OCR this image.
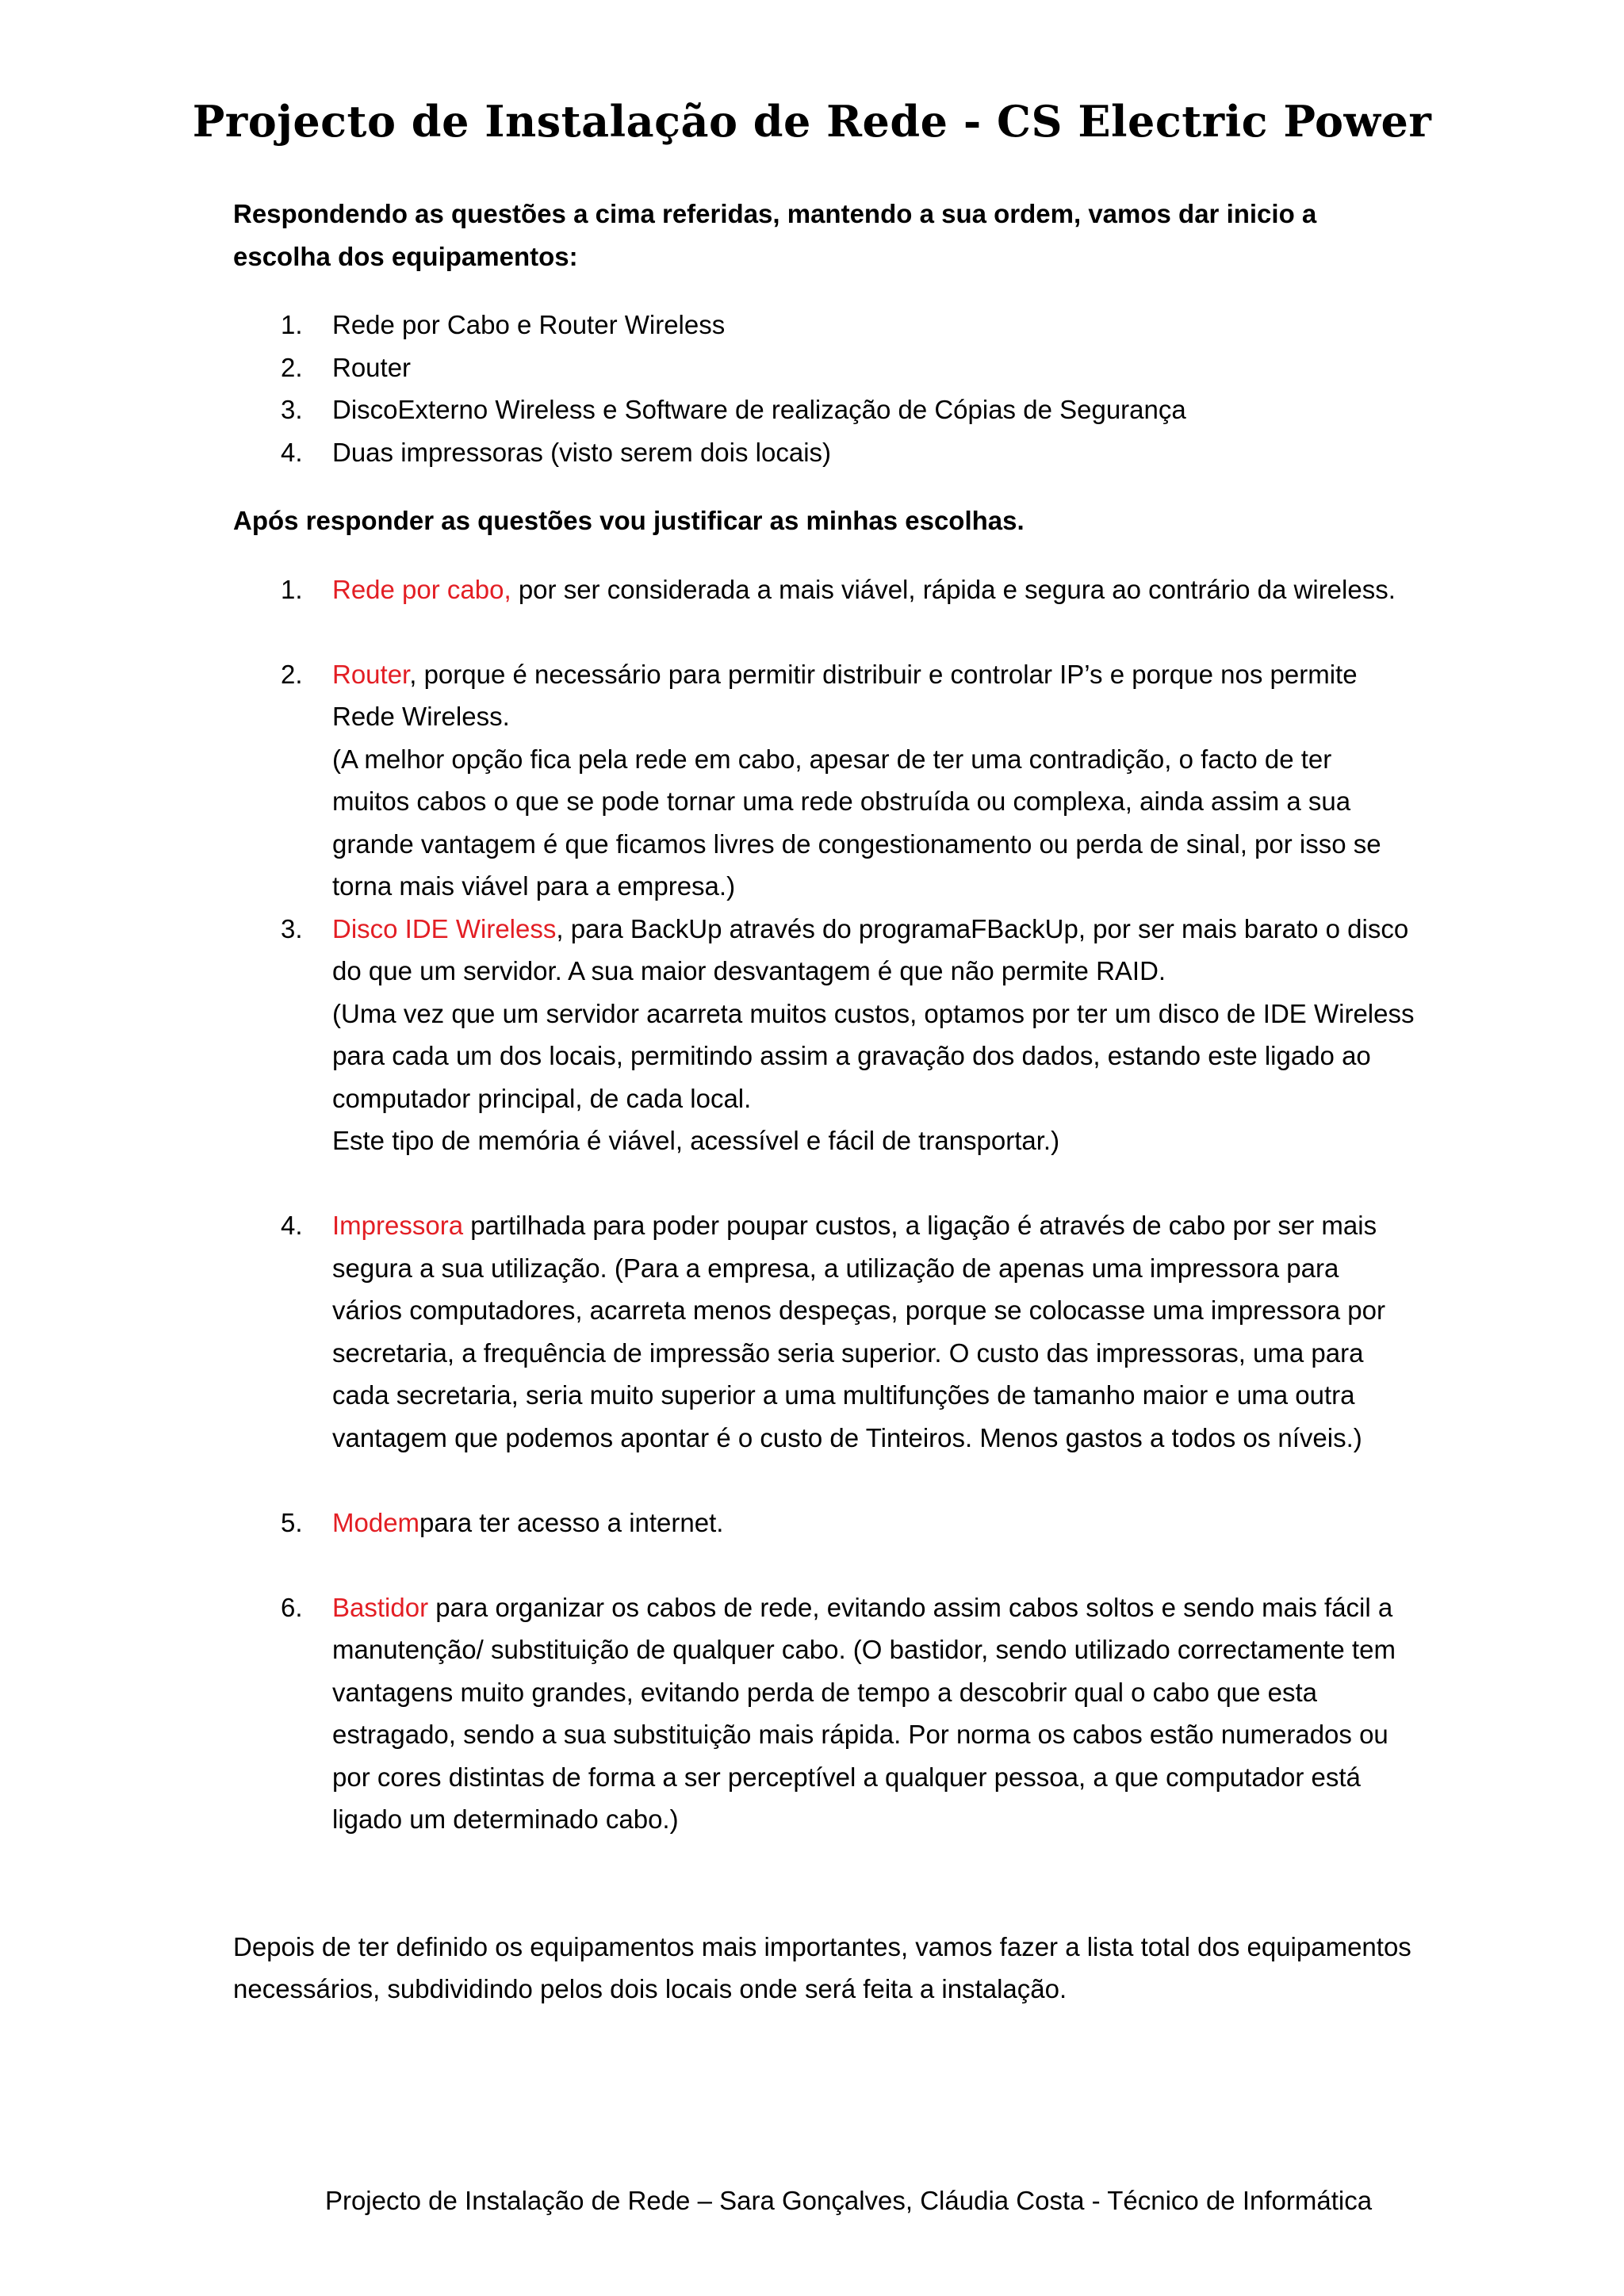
Projecto de Instalação de Rede - CS Electric Power

Respondendo as questões a cima referidas, mantendo a sua ordem, vamos dar inicio a escolha dos equipamentos:

1. Rede por Cabo e Router Wireless
2. Router
3. DiscoExterno Wireless e Software de realização de Cópias de Segurança
4. Duas impressoras (visto serem dois locais)

Após responder as questões vou justificar as minhas escolhas.

1. Rede por cabo, por ser considerada a mais viável, rápida e segura ao contrário da wireless.
2. Router, porque é necessário para permitir distribuir e controlar IP’s e porque nos permite Rede Wireless.
(A melhor opção fica pela rede em cabo, apesar de ter uma contradição, o facto de ter muitos cabos o que se pode tornar uma rede obstruída ou complexa, ainda assim a sua grande vantagem é que ficamos livres de congestionamento ou perda de sinal, por isso se torna mais viável para a empresa.)
3. Disco IDE Wireless, para BackUp através do programaFBackUp, por ser mais barato o disco do que um servidor. A sua maior desvantagem é que não permite RAID.
(Uma vez que um servidor acarreta muitos custos, optamos por ter um disco de IDE Wireless para cada um dos locais, permitindo assim a gravação dos dados, estando este ligado ao computador principal, de cada local.
Este tipo de memória é viável, acessível e fácil de transportar.)
4. Impressora partilhada para poder poupar custos, a ligação é através de cabo por ser mais segura a sua utilização. (Para a empresa, a utilização de apenas uma impressora para vários computadores, acarreta menos despeças, porque se colocasse uma impressora por secretaria, a frequência de impressão seria superior. O custo das impressoras, uma para cada secretaria, seria muito superior a uma multifunções de tamanho maior e uma outra vantagem que podemos apontar é o custo de Tinteiros. Menos gastos a todos os níveis.)
5. Modempara ter acesso a internet.
6. Bastidor para organizar os cabos de rede, evitando assim cabos soltos e sendo mais fácil a manutenção/ substituição de qualquer cabo. (O bastidor, sendo utilizado correctamente tem vantagens muito grandes, evitando perda de tempo a descobrir qual o cabo que esta estragado, sendo a sua substituição mais rápida. Por norma os cabos estão numerados ou por cores distintas de forma a ser perceptível a qualquer pessoa, a que computador está ligado um determinado cabo.)

Depois de ter definido os equipamentos mais importantes, vamos fazer a lista total dos equipamentos necessários, subdividindo pelos dois locais onde será feita a instalação.

Projecto de Instalação de Rede – Sara Gonçalves, Cláudia Costa - Técnico de Informática
